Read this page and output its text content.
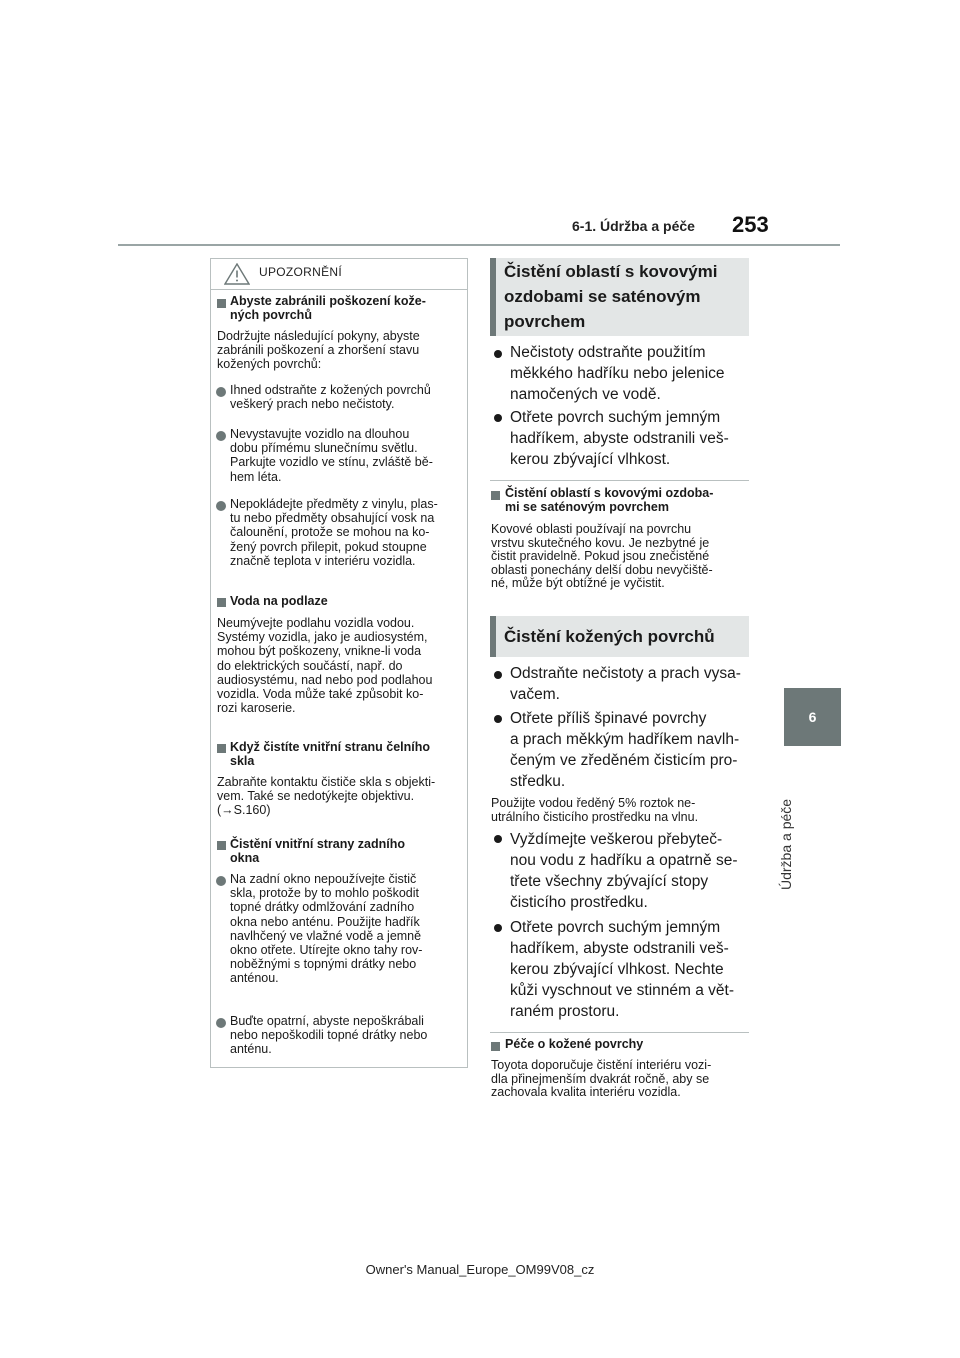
6-1. Údržba a péče 253
6
Údržba a péče
UPOZORNĚNÍ
Abyste zabránili poškození kože-
ných povrchů
Dodržujte následující pokyny, abyste
zabránili poškození a zhoršení stavu
kožených povrchů:
Ihned odstraňte z kožených povrchů
veškerý prach nebo nečistoty.
Nevystavujte vozidlo na dlouhou
dobu přímému slunečnímu světlu.
Parkujte vozidlo ve stínu, zvláště bě-
hem léta.
Nepokládejte předměty z vinylu, plas-
tu nebo předměty obsahující vosk na
čalounění, protože se mohou na ko-
žený povrch přilepit, pokud stoupne
značně teplota v interiéru vozidla.
Voda na podlaze
Neumývejte podlahu vozidla vodou.
Systémy vozidla, jako je audiosystém,
mohou být poškozeny, vnikne-li voda
do elektrických součástí, např. do
audiosystému, nad nebo pod podlahou
vozidla. Voda může také způsobit ko-
rozi karoserie.
Když čistíte vnitřní stranu čelního
skla
Zabraňte kontaktu čističe skla s objekti-
vem. Také se nedotýkejte objektivu.
(→S.160)
Čistění vnitřní strany zadního
okna
Na zadní okno nepoužívejte čistič
skla, protože by to mohlo poškodit
topné drátky odmlžování zadního
okna nebo anténu. Použijte hadřík
navlhčený ve vlažné vodě a jemně
okno otřete. Utírejte okno tahy rov-
noběžnými s topnými drátky nebo
anténou.
Buďte opatrní, abyste nepoškrábali
nebo nepoškodili topné drátky nebo
anténu.
Čistění oblastí s kovovými
ozdobami se saténovým
povrchem
Nečistoty odstraňte použitím
měkkého hadříku nebo jelenice
namočených ve vodě.
Otřete povrch suchým jemným
hadříkem, abyste odstranili veš-
kerou zbývající vlhkost.
Čistění oblastí s kovovými ozdoba-
mi se saténovým povrchem
Kovové oblasti používají na povrchu
vrstvu skutečného kovu. Je nezbytné je
čistit pravidelně. Pokud jsou znečistěné
oblasti ponechány delší dobu nevyčiště-
né, může být obtížné je vyčistit.
Čistění kožených povrchů
Odstraňte nečistoty a prach vysa-
vačem.
Otřete příliš špinavé povrchy
a prach měkkým hadříkem navlh-
čeným ve zředěném čisticím pro-
středku.
Použijte vodou ředěný 5% roztok ne-
utrálního čisticího prostředku na vlnu.
Vyždímejte veškerou přebyteč-
nou vodu z hadříku a opatrně se-
třete všechny zbývající stopy
čisticího prostředku.
Otřete povrch suchým jemným
hadříkem, abyste odstranili veš-
kerou zbývající vlhkost. Nechte
kůži vyschnout ve stinném a vět-
raném prostoru.
Péče o kožené povrchy
Toyota doporučuje čistění interiéru vozi-
dla přinejmenším dvakrát ročně, aby se
zachovala kvalita interiéru vozidla.
Owner's Manual_Europe_OM99V08_cz
